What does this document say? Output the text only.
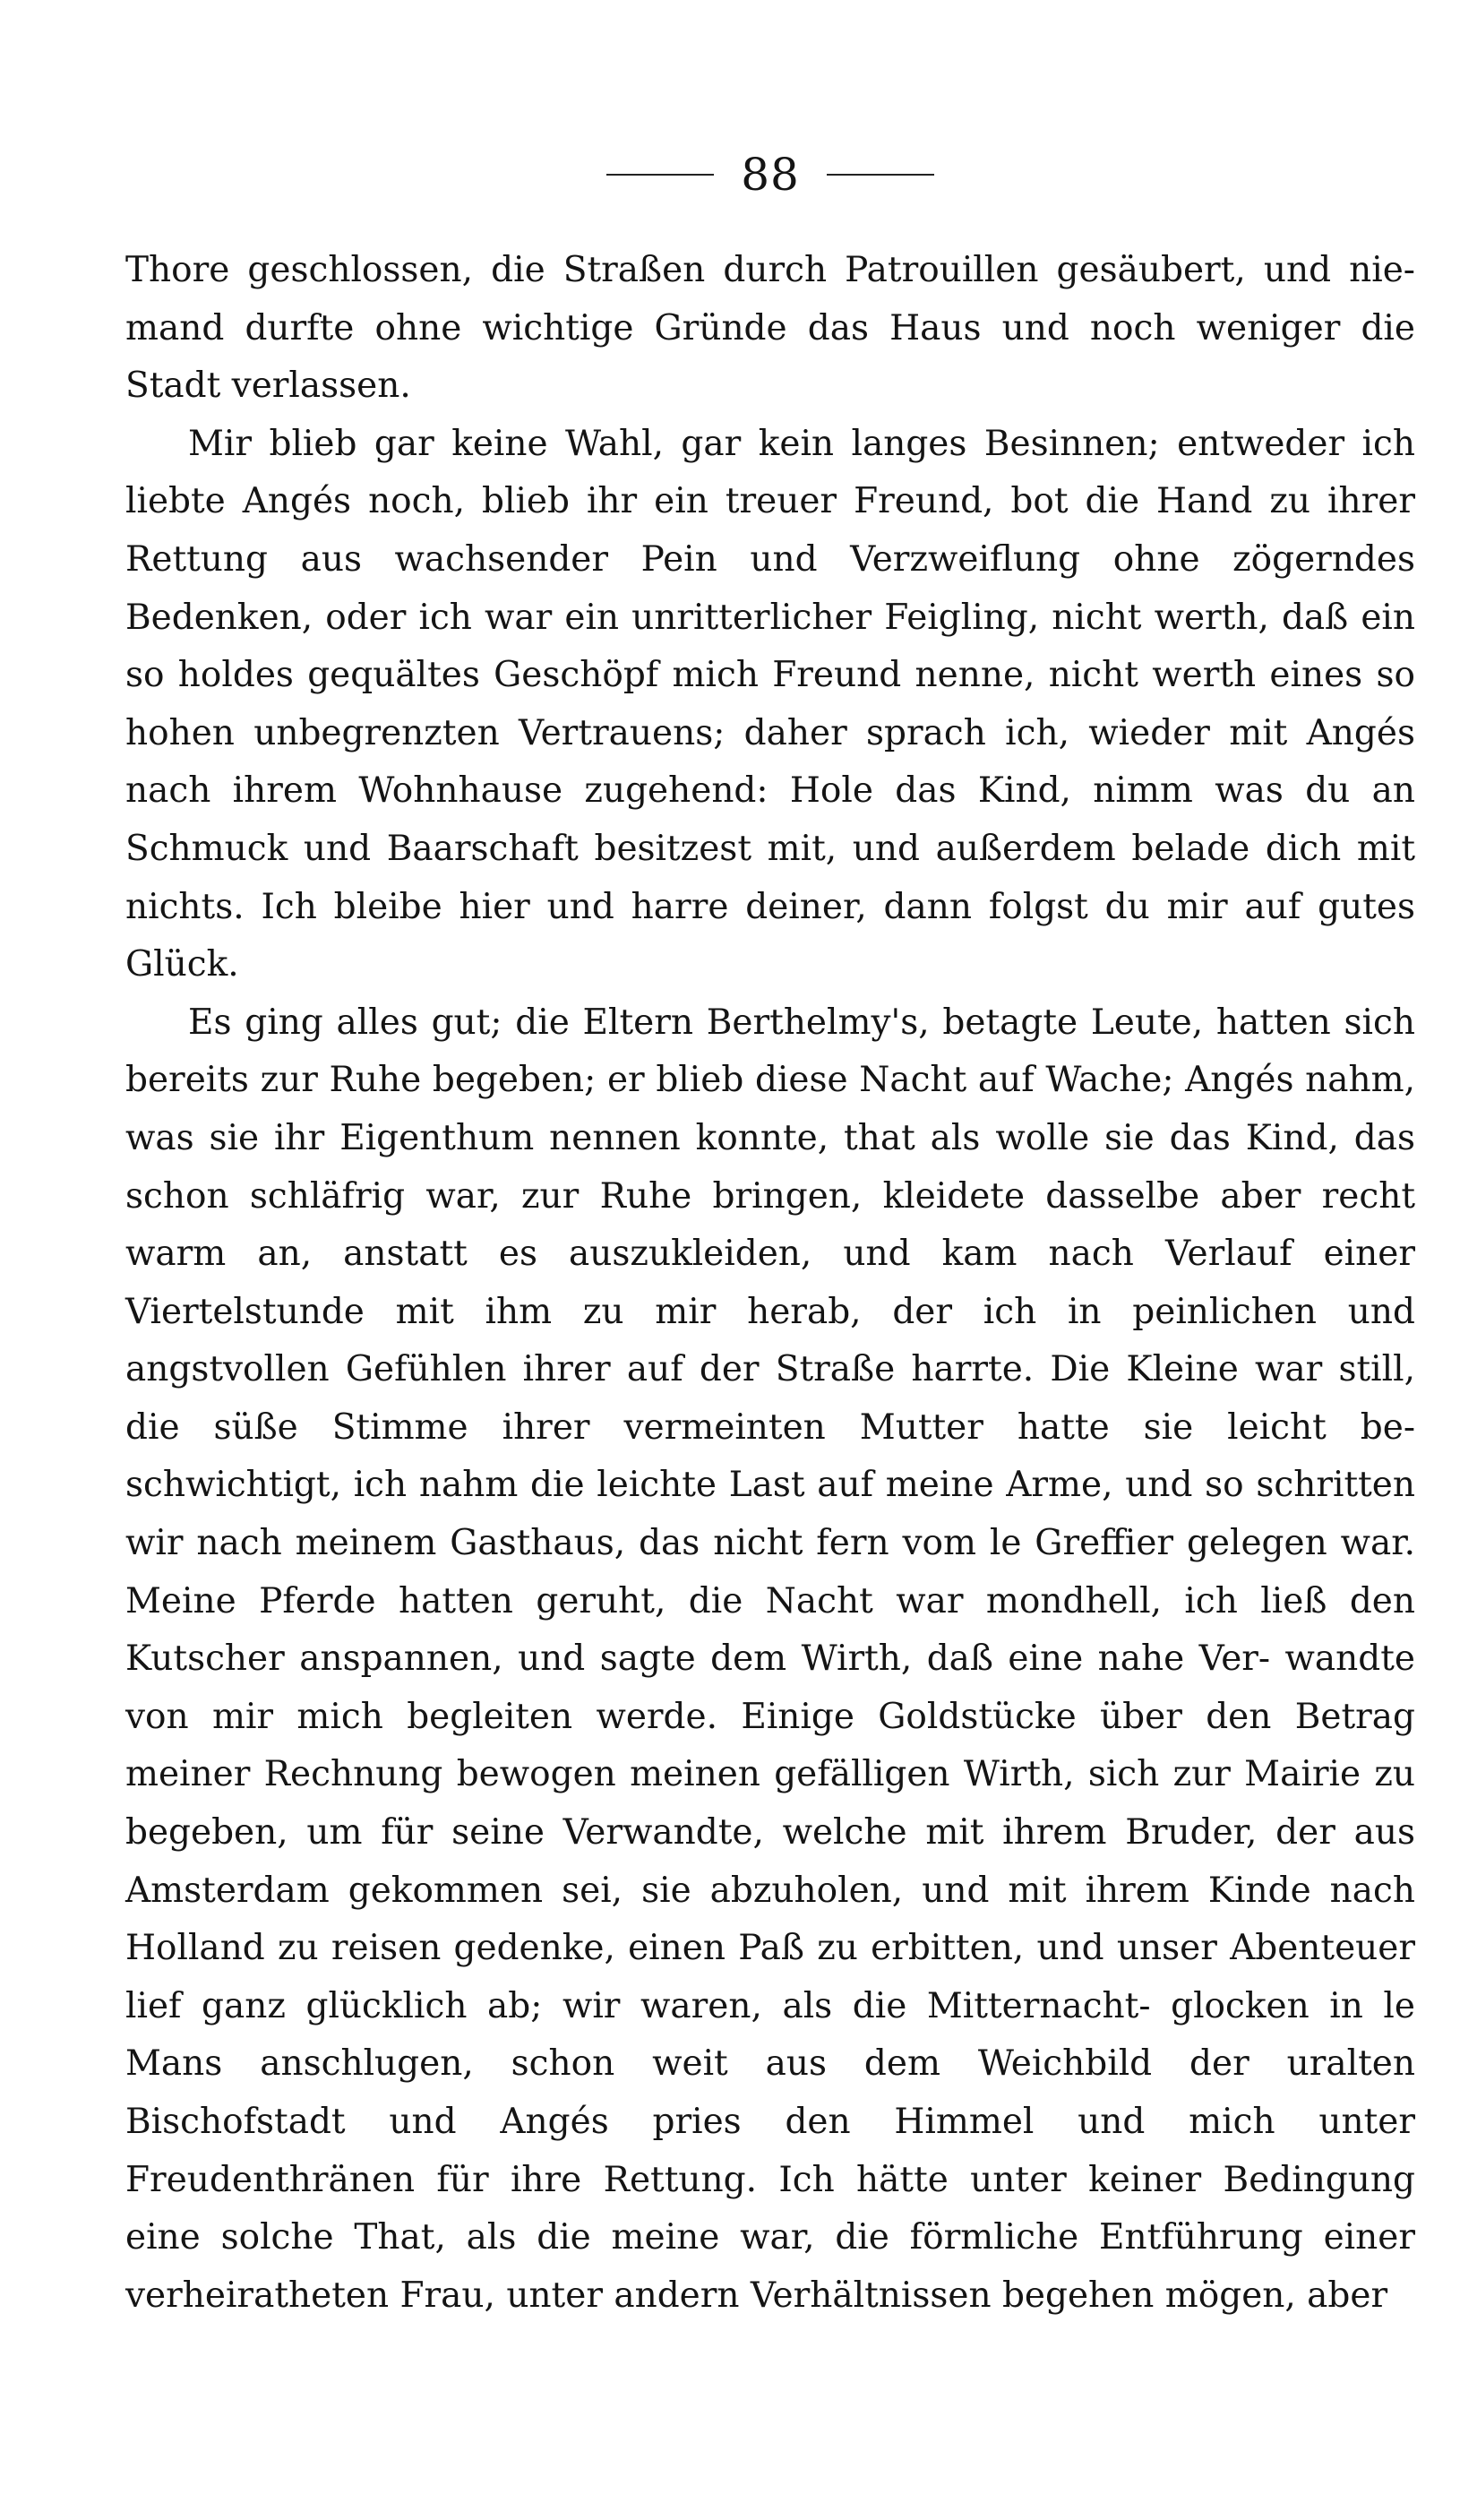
88

Thore geschlossen, die Straßen durch Patrouillen gesäubert, und nie- mand durfte ohne wichtige Gründe das Haus und noch weniger die Stadt verlassen.

Mir blieb gar keine Wahl, gar kein langes Besinnen; entweder ich liebte Angés noch, blieb ihr ein treuer Freund, bot die Hand zu ihrer Rettung aus wachsender Pein und Verzweiflung ohne zögerndes Bedenken, oder ich war ein unritterlicher Feigling, nicht werth, daß ein so holdes gequältes Geschöpf mich Freund nenne, nicht werth eines so hohen unbegrenzten Vertrauens; daher sprach ich, wieder mit Angés nach ihrem Wohnhause zugehend: Hole das Kind, nimm was du an Schmuck und Baarschaft besitzest mit, und außerdem belade dich mit nichts. Ich bleibe hier und harre deiner, dann folgst du mir auf gutes Glück.

Es ging alles gut; die Eltern Berthelmy's, betagte Leute, hatten sich bereits zur Ruhe begeben; er blieb diese Nacht auf Wache; Angés nahm, was sie ihr Eigenthum nennen konnte, that als wolle sie das Kind, das schon schläfrig war, zur Ruhe bringen, kleidete dasselbe aber recht warm an, anstatt es auszukleiden, und kam nach Verlauf einer Viertelstunde mit ihm zu mir herab, der ich in peinlichen und angstvollen Gefühlen ihrer auf der Straße harrte. Die Kleine war still, die süße Stimme ihrer vermeinten Mutter hatte sie leicht be- schwichtigt, ich nahm die leichte Last auf meine Arme, und so schritten wir nach meinem Gasthaus, das nicht fern vom le Greffier gelegen war. Meine Pferde hatten geruht, die Nacht war mondhell, ich ließ den Kutscher anspannen, und sagte dem Wirth, daß eine nahe Ver- wandte von mir mich begleiten werde. Einige Goldstücke über den Betrag meiner Rechnung bewogen meinen gefälligen Wirth, sich zur Mairie zu begeben, um für seine Verwandte, welche mit ihrem Bruder, der aus Amsterdam gekommen sei, sie abzuholen, und mit ihrem Kinde nach Holland zu reisen gedenke, einen Paß zu erbitten, und unser Abenteuer lief ganz glücklich ab; wir waren, als die Mitternacht- glocken in le Mans anschlugen, schon weit aus dem Weichbild der uralten Bischofstadt und Angés pries den Himmel und mich unter Freudenthränen für ihre Rettung. Ich hätte unter keiner Bedingung eine solche That, als die meine war, die förmliche Entführung einer verheiratheten Frau, unter andern Verhältnissen begehen mögen, aber
